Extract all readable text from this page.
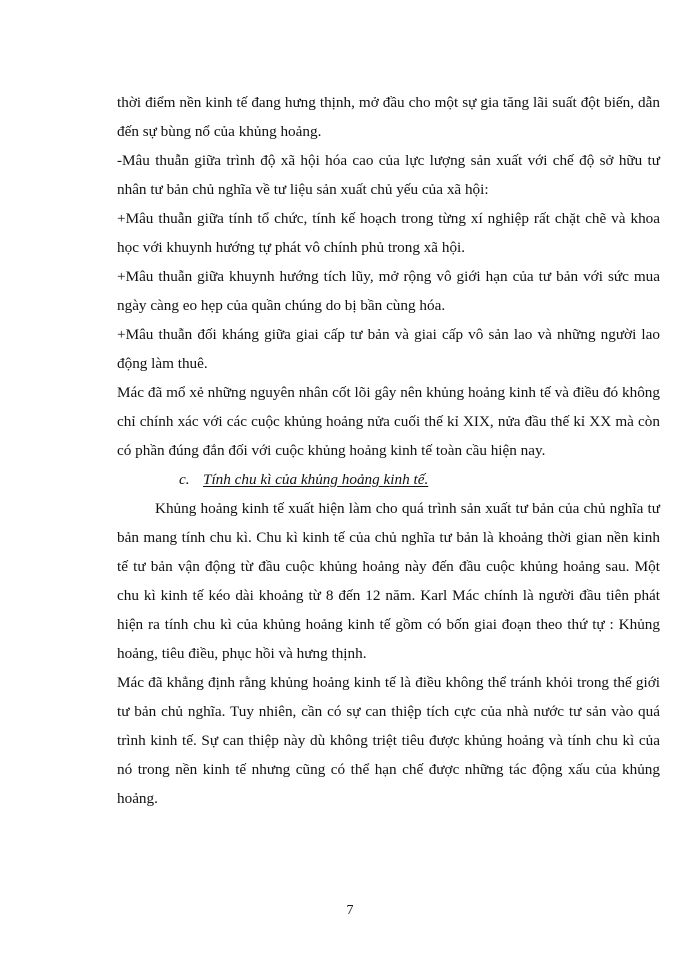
thời điểm nền kinh tế đang hưng thịnh, mở đầu cho một sự gia tăng lãi suất đột biến, dẫn đến sự bùng nổ của khủng hoảng.

-Mâu thuẫn giữa trình độ xã hội hóa cao của lực lượng sản xuất với chế độ sở hữu tư nhân tư bản chủ nghĩa về tư liệu sản xuất chủ yếu của xã hội:

+Mâu thuẫn giữa tính tổ chức, tính kế hoạch trong từng xí nghiệp rất chặt chẽ và khoa học với khuynh hướng tự phát vô chính phủ trong xã hội.

+Mâu thuẫn giữa khuynh hướng tích lũy, mở rộng vô giới hạn của tư bản với sức mua ngày càng eo hẹp của quần chúng do bị bần cùng hóa.

+Mâu thuẫn đối kháng giữa giai cấp tư bản và giai cấp vô sản lao và những người lao động làm thuê.

Mác đã mổ xẻ những nguyên nhân cốt lõi gây nên khủng hoảng kinh tế và điều đó không chỉ chính xác với các cuộc khủng hoảng nửa cuối thế kỉ XIX, nửa đầu thế kỉ XX mà còn có phần đúng đắn đối với cuộc khủng hoảng kinh tế toàn cầu hiện nay.

c. Tính chu kì của khủng hoảng kinh tế.

Khủng hoảng kinh tế xuất hiện làm cho quá trình sản xuất tư bản của chủ nghĩa tư bản mang tính chu kì. Chu kì kinh tế của chủ nghĩa tư bản là khoảng thời gian nền kinh tế tư bản vận động từ đầu cuộc khủng hoảng này đến đầu cuộc khủng hoảng sau. Một chu kì kinh tế kéo dài khoảng từ 8 đến 12 năm. Karl Mác chính là người đầu tiên phát hiện ra tính chu kì của khủng hoảng kinh tế gồm có bốn giai đoạn theo thứ tự : Khủng hoảng, tiêu điều, phục hồi và hưng thịnh.

Mác đã khẳng định rằng khủng hoảng kinh tế là điều không thể tránh khỏi trong thế giới tư bản chủ nghĩa. Tuy nhiên, cần có sự can thiệp tích cực của nhà nước tư sản vào quá trình kinh tế. Sự can thiệp này dù không triệt tiêu được khủng hoảng và tính chu kì của nó trong nền kinh tế nhưng cũng có thể hạn chế được những tác động xấu của khủng hoảng.

7
